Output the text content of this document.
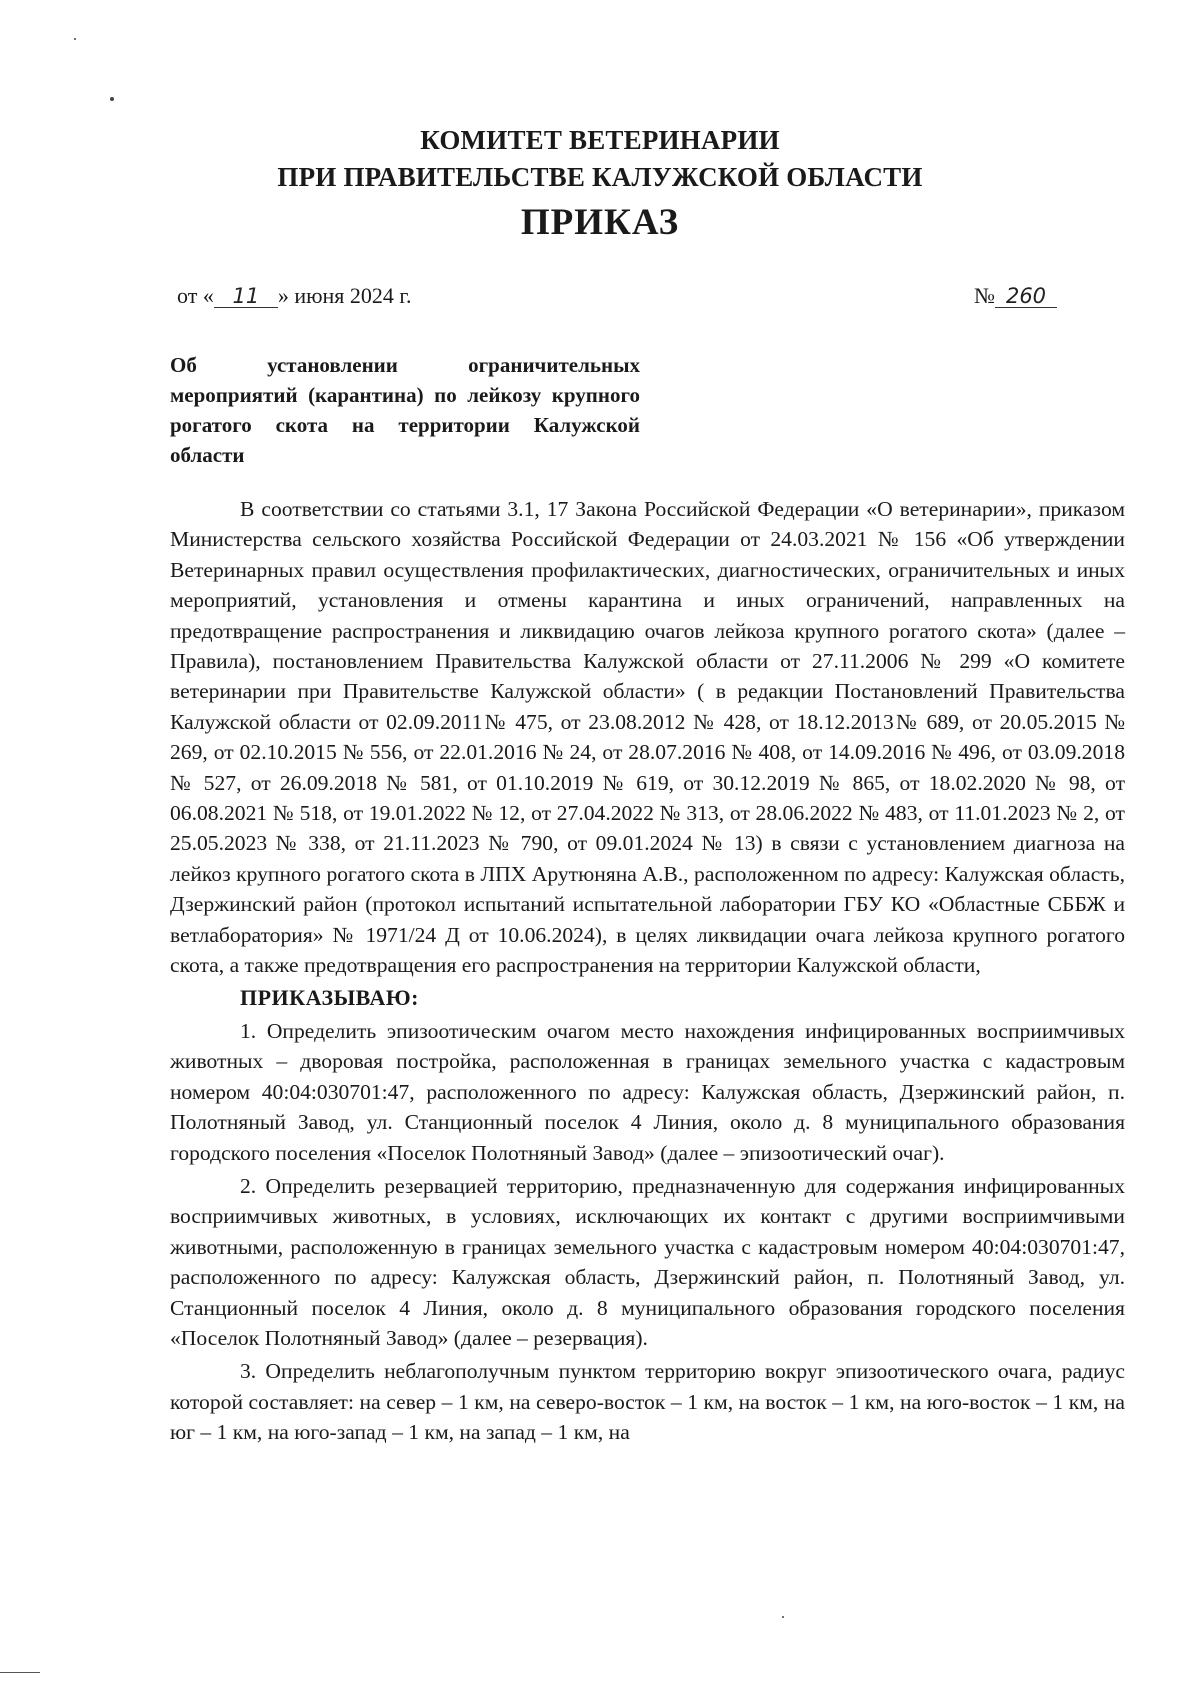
КОМИТЕТ ВЕТЕРИНАРИИ
ПРИ ПРАВИТЕЛЬСТВЕ КАЛУЖСКОЙ ОБЛАСТИ
ПРИКАЗ
от « 11 » июня 2024 г.	№ 260
Об установлении ограничительных мероприятий (карантина) по лейкозу крупного рогатого скота на территории Калужской области

В соответствии со статьями 3.1, 17 Закона Российской Федерации «О ветеринарии», приказом Министерства сельского хозяйства Российской Федерации от 24.03.2021 № 156 «Об утверждении Ветеринарных правил осуществления профилактических, диагностических, ограничительных и иных мероприятий, установления и отмены карантина и иных ограничений, направленных на предотвращение распространения и ликвидацию очагов лейкоза крупного рогатого скота» (далее – Правила), постановлением Правительства Калужской области от 27.11.2006 № 299 «О комитете ветеринарии при Правительстве Калужской области» ( в редакции Постановлений Правительства Калужской области от 02.09.2011№ 475, от 23.08.2012 № 428, от 18.12.2013№ 689, от 20.05.2015 № 269, от 02.10.2015 № 556, от 22.01.2016 № 24, от 28.07.2016 № 408, от 14.09.2016 № 496, от 03.09.2018 № 527, от 26.09.2018 № 581, от 01.10.2019 № 619, от 30.12.2019 № 865, от 18.02.2020 № 98, от 06.08.2021 № 518, от 19.01.2022 № 12, от 27.04.2022 № 313, от 28.06.2022 № 483, от 11.01.2023 № 2, от 25.05.2023 № 338, от 21.11.2023 № 790, от 09.01.2024 № 13) в связи с установлением диагноза на лейкоз крупного рогатого скота в ЛПХ Арутюняна А.В., расположенном по адресу: Калужская область, Дзержинский район (протокол испытаний испытательной лаборатории ГБУ КО «Областные СББЖ и ветлаборатория» № 1971/24 Д от 10.06.2024), в целях ликвидации очага лейкоза крупного рогатого скота, а также предотвращения его распространения на территории Калужской области,

ПРИКАЗЫВАЮ:

1. Определить эпизоотическим очагом место нахождения инфицированных восприимчивых животных – дворовая постройка, расположенная в границах земельного участка с кадастровым номером 40:04:030701:47, расположенного по адресу: Калужская область, Дзержинский район, п. Полотняный Завод, ул. Станционный поселок 4 Линия, около д. 8 муниципального образования городского поселения «Поселок Полотняный Завод» (далее – эпизоотический очаг).

2. Определить резервацией территорию, предназначенную для содержания инфицированных восприимчивых животных, в условиях, исключающих их контакт с другими восприимчивыми животными, расположенную в границах земельного участка с кадастровым номером 40:04:030701:47, расположенного по адресу: Калужская область, Дзержинский район, п. Полотняный Завод, ул. Станционный поселок 4 Линия, около д. 8 муниципального образования городского поселения «Поселок Полотняный Завод» (далее – резервация).

3. Определить неблагополучным пунктом территорию вокруг эпизоотического очага, радиус которой составляет: на север – 1 км, на северо-восток – 1 км, на восток – 1 км, на юго-восток – 1 км, на юг – 1 км, на юго-запад – 1 км, на запад – 1 км, на
